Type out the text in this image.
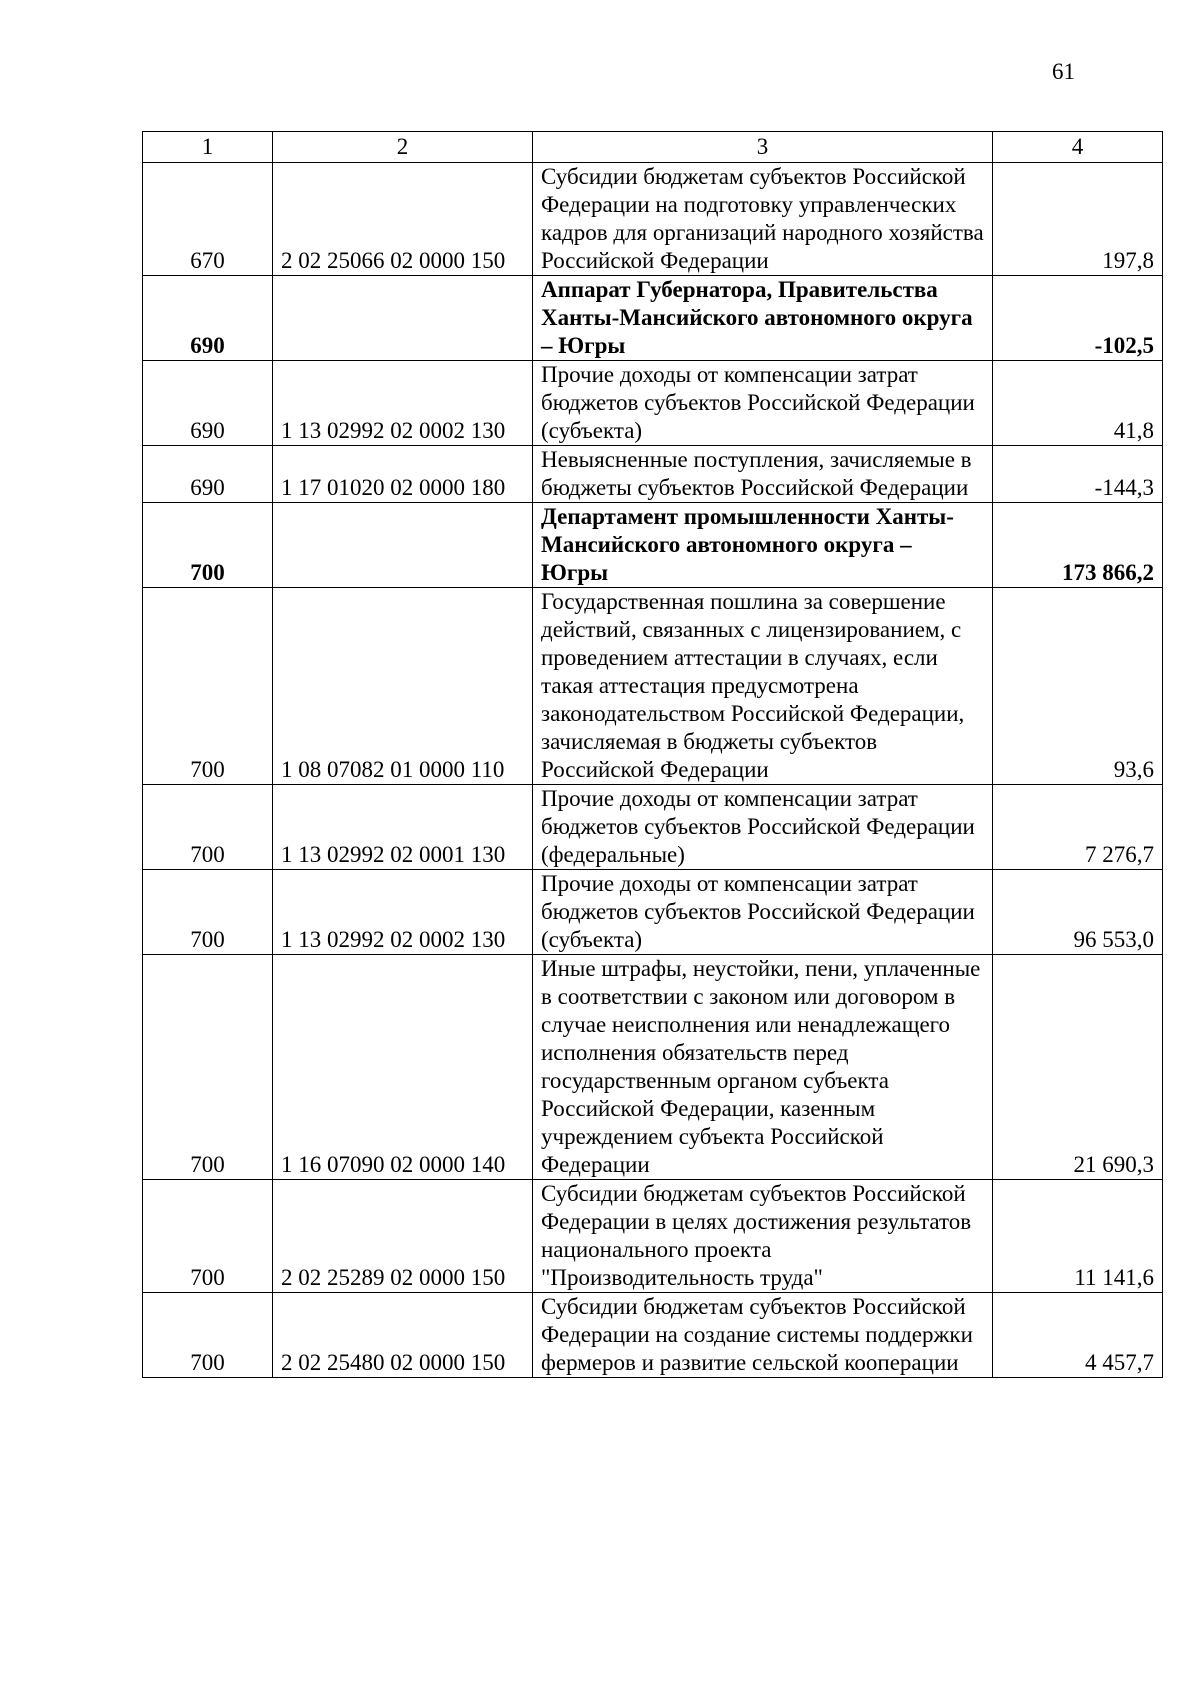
61
1	2	3	4
670	2 02 25066 02 0000 150	Субсидии бюджетам субъектов Российской Федерации на подготовку управленческих кадров для организаций народного хозяйства Российской Федерации	197,8
690		Аппарат Губернатора, Правительства Ханты-Мансийского автономного округа – Югры	-102,5
690	1 13 02992 02 0002 130	Прочие доходы от компенсации затрат бюджетов субъектов Российской Федерации (субъекта)	41,8
690	1 17 01020 02 0000 180	Невыясненные поступления, зачисляемые в бюджеты субъектов Российской Федерации	-144,3
700		Департамент промышленности Ханты-Мансийского автономного округа – Югры	173 866,2
700	1 08 07082 01 0000 110	Государственная пошлина за совершение действий, связанных с лицензированием, с проведением аттестации в случаях, если такая аттестация предусмотрена законодательством Российской Федерации, зачисляемая в бюджеты субъектов Российской Федерации	93,6
700	1 13 02992 02 0001 130	Прочие доходы от компенсации затрат бюджетов субъектов Российской Федерации (федеральные)	7 276,7
700	1 13 02992 02 0002 130	Прочие доходы от компенсации затрат бюджетов субъектов Российской Федерации (субъекта)	96 553,0
700	1 16 07090 02 0000 140	Иные штрафы, неустойки, пени, уплаченные в соответствии с законом или договором в случае неисполнения или ненадлежащего исполнения обязательств перед государственным органом субъекта Российской Федерации, казенным учреждением субъекта Российской Федерации	21 690,3
700	2 02 25289 02 0000 150	Субсидии бюджетам субъектов Российской Федерации в целях достижения результатов национального проекта "Производительность труда"	11 141,6
700	2 02 25480 02 0000 150	Субсидии бюджетам субъектов Российской Федерации на создание системы поддержки фермеров и развитие сельской кооперации	4 457,7
